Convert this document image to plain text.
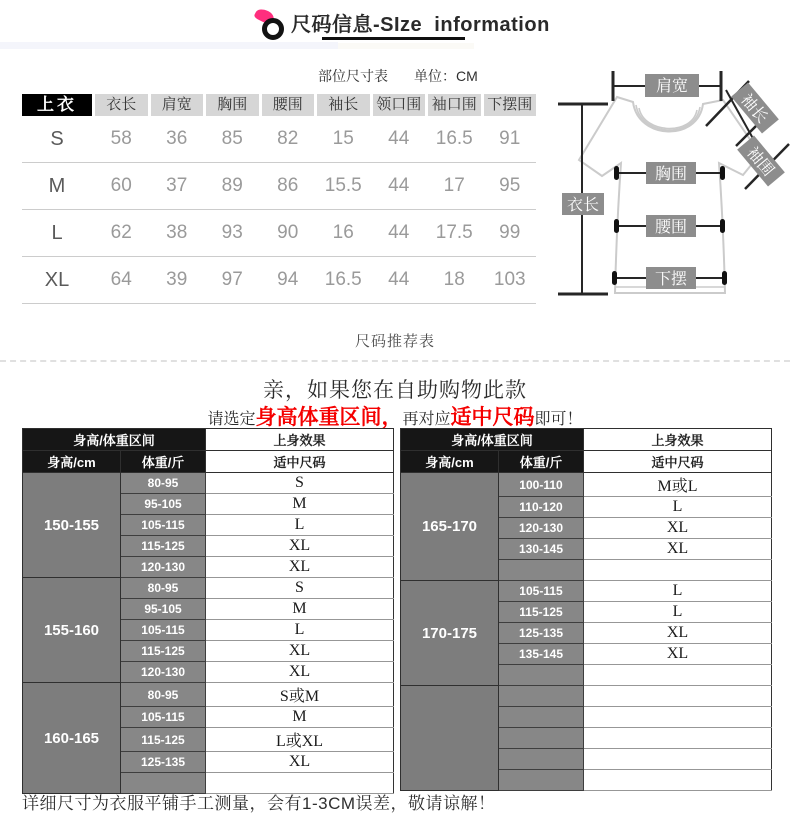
尺码信息-SIze  information
部位尺寸表 单位：CM
上衣	衣长	肩宽	胸围	腰围	袖长	领口围 袖口围 下摆围
S	58	36	85	82	15	44	16.5	91
M	60	37	89	86	15.5	44	17	95
L	62	38	93	90	16	44	17.5	99
XL	64	39	97	94	16.5	44	18	103
肩宽
袖长
袖围
衣长
胸围
腰围
下摆
尺码推荐表
亲，如果您在自助购物此款
请选定身高体重区间，再对应适中尺码即可！
身高/体重区间		上身效果
身高/cm	体重/斤	适中尺码
150-155	80-95	S
	95-105	M
	105-115	L
	115-125	XL
	120-130	XL
155-160	80-95	S
	95-105	M
	105-115	L
	115-125	XL
	120-130	XL
160-165	80-95	S或M
	105-115	M
	115-125	L或XL
	125-135	XL

身高/体重区间		上身效果
身高/cm	体重/斤	适中尺码
165-170	100-110	M或L
	110-120	L
	120-130	XL
	130-145	XL

170-175	105-115	L
	115-125	L
	125-135	XL
	135-145	XL

详细尺寸为衣服平铺手工测量，会有1-3CM误差，敬请谅解！
